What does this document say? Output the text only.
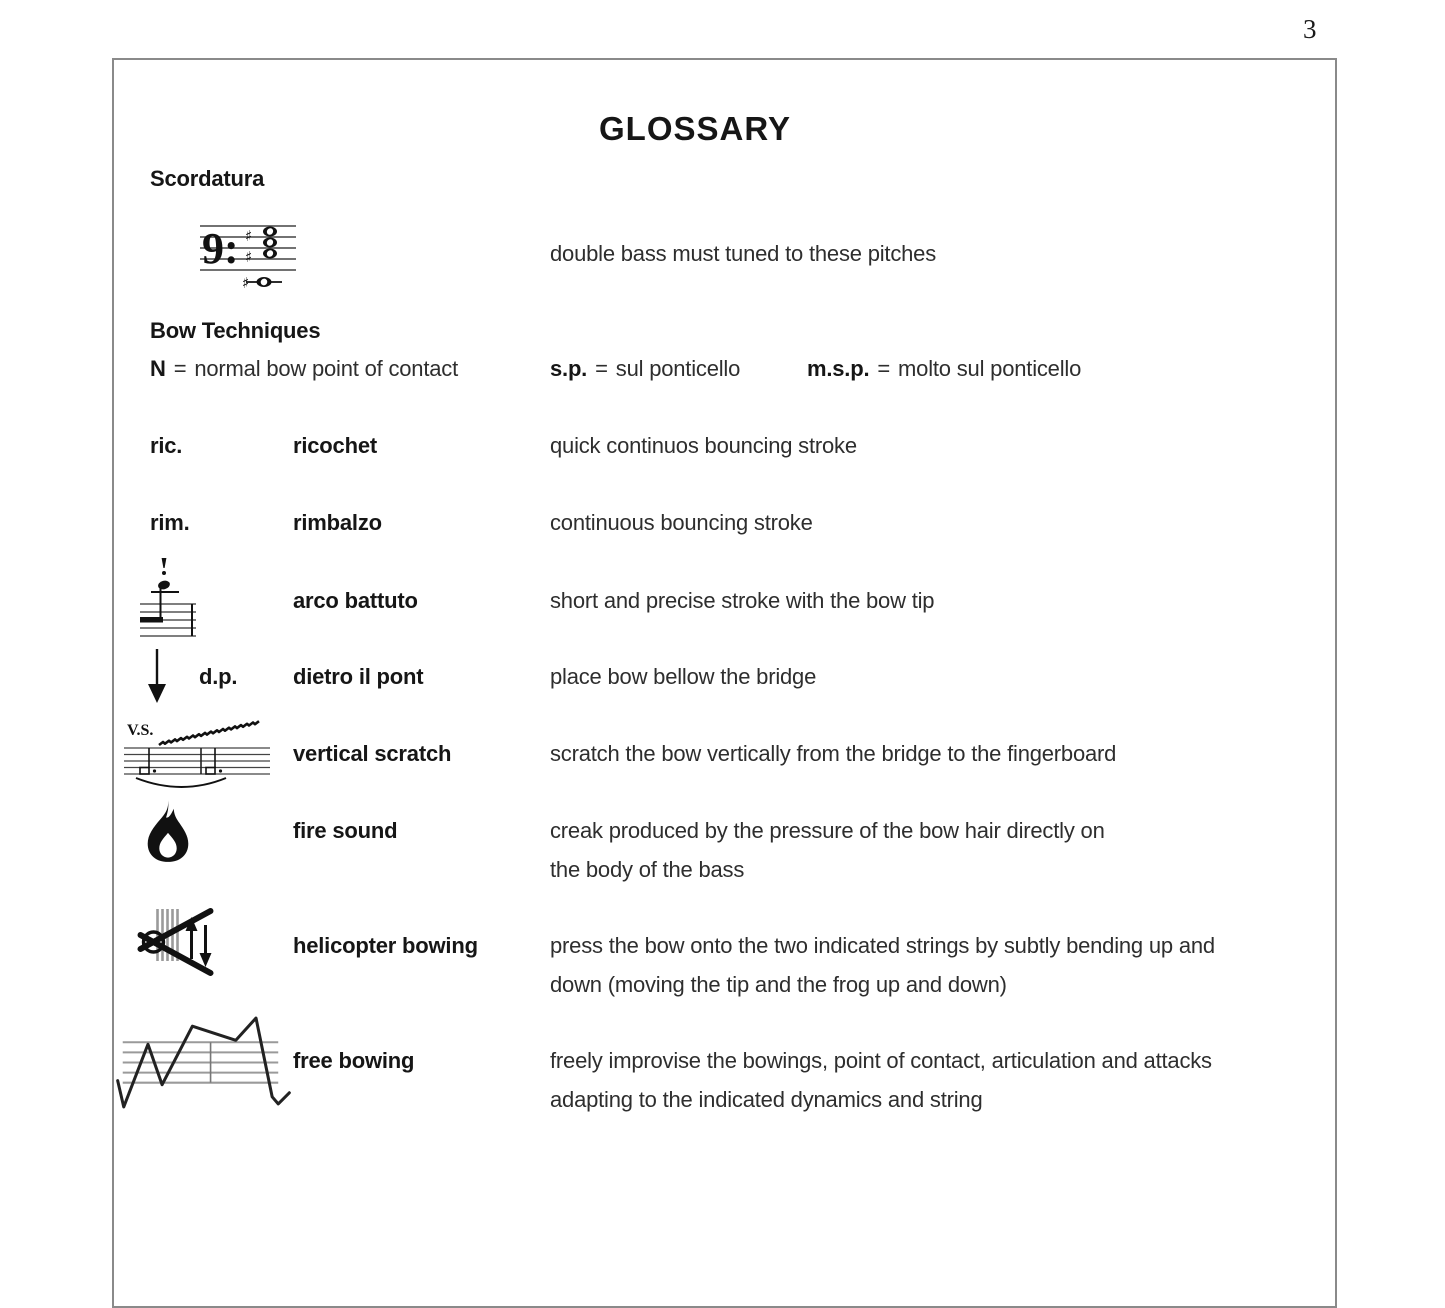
3
GLOSSARY
Scordatura
9: ♯
♯
♯
double bass must tuned to these pitches
Bow Techniques
N = normal bow point of contact	s.p. = sul ponticello	m.s.p. = molto sul ponticello
ric.	ricochet	quick continuos bouncing stroke
rim.	rimbalzo	continuous bouncing stroke
arco battuto	short and precise stroke with the bow tip
d.p.	dietro il pont	place bow bellow the bridge
V.S.
vertical scratch	scratch the bow vertically from the bridge to the fingerboard
fire sound	creak produced by the pressure of the bow hair directly on
the body of the bass
helicopter bowing	press the bow onto the two indicated strings by subtly bending up and
down (moving the tip and the frog up and down)
free bowing	freely improvise the bowings, point of contact, articulation and attacks
adapting to the indicated dynamics and string
